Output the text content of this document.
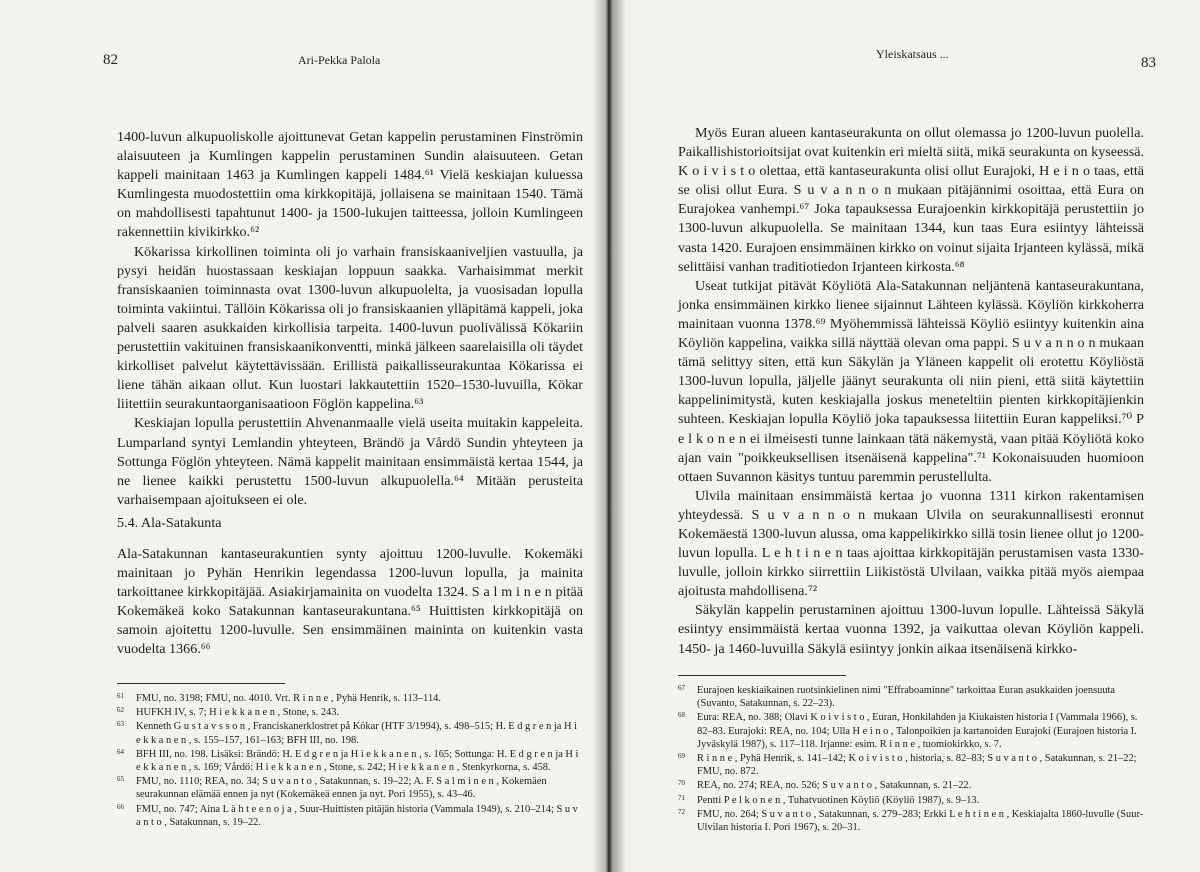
82	Ari-Pekka Palola

1400-luvun alkupuoliskolle ajoittunevat Getan kappelin perustaminen Finströmin alaisuuteen ja Kumlingen kappelin perustaminen Sundin alaisuuteen. Getan kappeli mainitaan 1463 ja Kumlingen kappeli 1484.⁶¹ Vielä keskiajan kuluessa Kumlingesta muodostettiin oma kirkkopitäjä, jollaisena se mainitaan 1540. Tämä on mahdollisesti tapahtunut 1400- ja 1500-lukujen taitteessa, jolloin Kumlingeen rakennettiin kivikirkko.⁶²

Kökarissa kirkollinen toiminta oli jo varhain fransiskaaniveljien vastuulla, ja pysyi heidän huostassaan keskiajan loppuun saakka. Varhaisimmat merkit fransiskaanien toiminnasta ovat 1300-luvun alkupuolelta, ja vuosisadan lopulla toiminta vakiintui. Tällöin Kökarissa oli jo fransiskaanien ylläpitämä kappeli, joka palveli saaren asukkaiden kirkollisia tarpeita. 1400-luvun puolivälissä Kökariin perustettiin vakituinen fransiskaanikonventti, minkä jälkeen saarelaisilla oli täydet kirkolliset palvelut käytettävissään. Erillistä paikallisseurakuntaa Kökarissa ei liene tähän aikaan ollut. Kun luostari lakkautettiin 1520–1530-luvuilla, Kökar liitettiin seurakuntaorganisaatioon Föglön kappelina.⁶³

Keskiajan lopulla perustettiin Ahvenanmaalle vielä useita muitakin kappeleita. Lumparland syntyi Lemlandin yhteyteen, Brändö ja Vårdö Sundin yhteyteen ja Sottunga Föglön yhteyteen. Nämä kappelit mainitaan ensimmäistä kertaa 1544, ja ne lienee kaikki perustettu 1500-luvun alkupuolella.⁶⁴ Mitään perusteita varhaisempaan ajoitukseen ei ole.

5.4. Ala-Satakunta

Ala-Satakunnan kantaseurakuntien synty ajoittuu 1200-luvulle. Kokemäki mainitaan jo Pyhän Henrikin legendassa 1200-luvun lopulla, ja mainita tarkoittanee kirkkopitäjää. Asiakirjamainita on vuodelta 1324. S a l m i n e n pitää Kokemäkeä koko Satakunnan kantaseurakuntana.⁶⁵ Huittisten kirkkopitäjä on samoin ajoitettu 1200-luvulle. Sen ensimmäinen maininta on kuitenkin vasta vuodelta 1366.⁶⁶

61 FMU, no. 3198; FMU, no. 4010. Vrt. R i n n e , Pyhä Henrik, s. 113–114.
62 HUFKH IV, s. 7; H i e k k a n e n , Stone, s. 243.
63 Kenneth G u s t a v s s o n , Franciskanerklostret på Kökar (HTF 3/1994), s. 498–515; H. E d g r e n ja H i e k k a n e n , s. 155–157, 161–163; BFH III, no. 198.
64 BFH III, no. 198. Lisäksi: Brändö: H. E d g r e n ja H i e k k a n e n , s. 165; Sottunga: H. E d g r e n ja H i e k k a n e n , s. 169; Vårdö: H i e k k a n e n , Stone, s. 242; H i e k k a n e n , Stenkyrkorna, s. 458.
65 FMU, no. 1110; REA, no. 34; S u v a n t o , Satakunnan, s. 19–22; A. F. S a l m i n e n , Kokemäen seurakunnan elämää ennen ja nyt (Kokemäkeä ennen ja nyt. Pori 1955), s. 43–46.
66 FMU, no. 747; Aina L ä h t e e n o j a , Suur-Huittisten pitäjän historia (Vammala 1949), s. 210–214; S u v a n t o , Satakunnan, s. 19–22.
Yleiskatsaus ...
83

Myös Euran alueen kantaseurakunta on ollut olemassa jo 1200-luvun puolella. Paikallishistorioitsijat ovat kuitenkin eri mieltä siitä, mikä seurakunta on kyseessä. K o i v i s t o olettaa, että kantaseurakunta olisi ollut Eurajoki, H e i n o taas, että se olisi ollut Eura. S u v a n n o n mukaan pitäjännimi osoittaa, että Eura on Eurajokea vanhempi.⁶⁷ Joka tapauksessa Eurajoenkin kirkkopitäjä perustettiin jo 1300-luvun alkupuolella. Se mainitaan 1344, kun taas Eura esiintyy lähteissä vasta 1420. Eurajoen ensimmäinen kirkko on voinut sijaita Irjanteen kylässä, mikä selittäisi vanhan traditiotiedon Irjanteen kirkosta.⁶⁸

Useat tutkijat pitävät Köyliötä Ala-Satakunnan neljäntenä kantaseurakuntana, jonka ensimmäinen kirkko lienee sijainnut Lähteen kylässä. Köyliön kirkkoherra mainitaan vuonna 1378.⁶⁹ Myöhemmissä lähteissä Köyliö esiintyy kuitenkin aina Köyliön kappelina, vaikka sillä näyttää olevan oma pappi. S u v a n n o n mukaan tämä selittyy siten, että kun Säkylän ja Yläneen kappelit oli erotettu Köyliöstä 1300-luvun lopulla, jäljelle jäänyt seurakunta oli niin pieni, että siitä käytettiin kappelinimitystä, kuten keskiajalla joskus meneteltiin pienten kirkkopitäjienkin suhteen. Keskiajan lopulla Köyliö joka tapauksessa liitettiin Euran kappeliksi.⁷⁰ P e l k o n e n ei ilmeisesti tunne lainkaan tätä näkemystä, vaan pitää Köyliötä koko ajan vain "poikkeuksellisen itsenäisenä kappelina".⁷¹ Kokonaisuuden huomioon ottaen Suvannon käsitys tuntuu paremmin perustellulta.

Ulvila mainitaan ensimmäistä kertaa jo vuonna 1311 kirkon rakentamisen yhteydessä. S u v a n n o n mukaan Ulvila on seurakunnallisesti eronnut Kokemäestä 1300-luvun alussa, oma kappelikirkko sillä tosin lienee ollut jo 1200-luvun lopulla. L e h t i n e n taas ajoittaa kirkkopitäjän perustamisen vasta 1330-luvulle, jolloin kirkko siirrettiin Liikistöstä Ulvilaan, vaikka pitää myös aiempaa ajoitusta mahdollisena.⁷²

Säkylän kappelin perustaminen ajoittuu 1300-luvun lopulle. Lähteissä Säkylä esiintyy ensimmäistä kertaa vuonna 1392, ja vaikuttaa olevan Köyliön kappeli. 1450- ja 1460-luvuilla Säkylä esiintyy jonkin aikaa itsenäisenä kirkko-

67 Eurajoen keskiaikainen ruotsinkielinen nimi "Effraboaminne" tarkoittaa Euran asukkaiden joensuuta (Suvanto, Satakunnan, s. 22–23).
68 Eura: REA, no. 388; Olavi K o i v i s t o , Euran, Honkilahden ja Kiukaisten historia I (Vammala 1966), s. 82–83. Eurajoki: REA, no. 104; Ulla H e i n o , Talonpoikien ja kartanoiden Eurajoki (Eurajoen historia I. Jyväskylä 1987), s. 117–118. Irjanne: esim. R i n n e , tuomiokirkko, s. 7.
69 R i n n e , Pyhä Henrik, s. 141–142; K o i v i s t o , historia, s. 82–83; S u v a n t o , Satakunnan, s. 21–22; FMU, no. 872.
70 REA, no. 274; REA, no. 526; S u v a n t o , Satakunnan, s. 21–22.
71 Pentti P e l k o n e n , Tuhatvuotinen Köyliö (Köyliö 1987), s. 9–13.
72 FMU, no. 264; S u v a n t o , Satakunnan, s. 279–283; Erkki L e h t i n e n , Keskiajalta 1860-luvulle (Suur-Ulvilan historia I. Pori 1967), s. 20–31.
